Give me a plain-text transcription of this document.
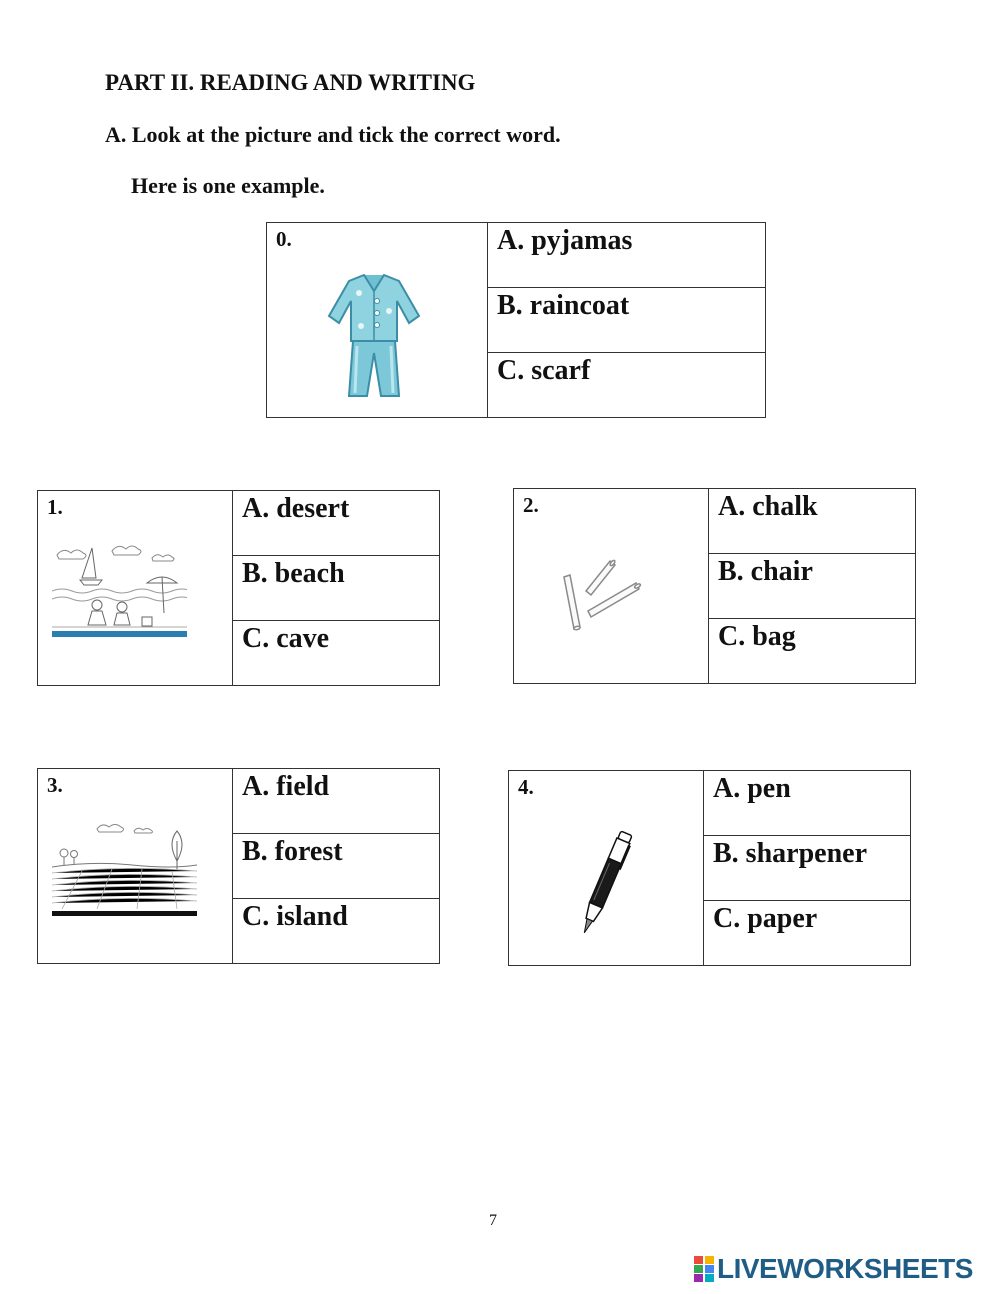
PART II. READING AND WRITING

A. Look at the picture and tick the correct word.

Here is one example.

0.	A. pyjamas
B. raincoat
C. scarf
1.	A. desert
B. beach
C. cave
2.	A. chalk
B. chair
C. bag
3.	A. field
B. forest
C. island
4.	A. pen
B. sharpener
C. paper
7
LIVEWORKSHEETS
